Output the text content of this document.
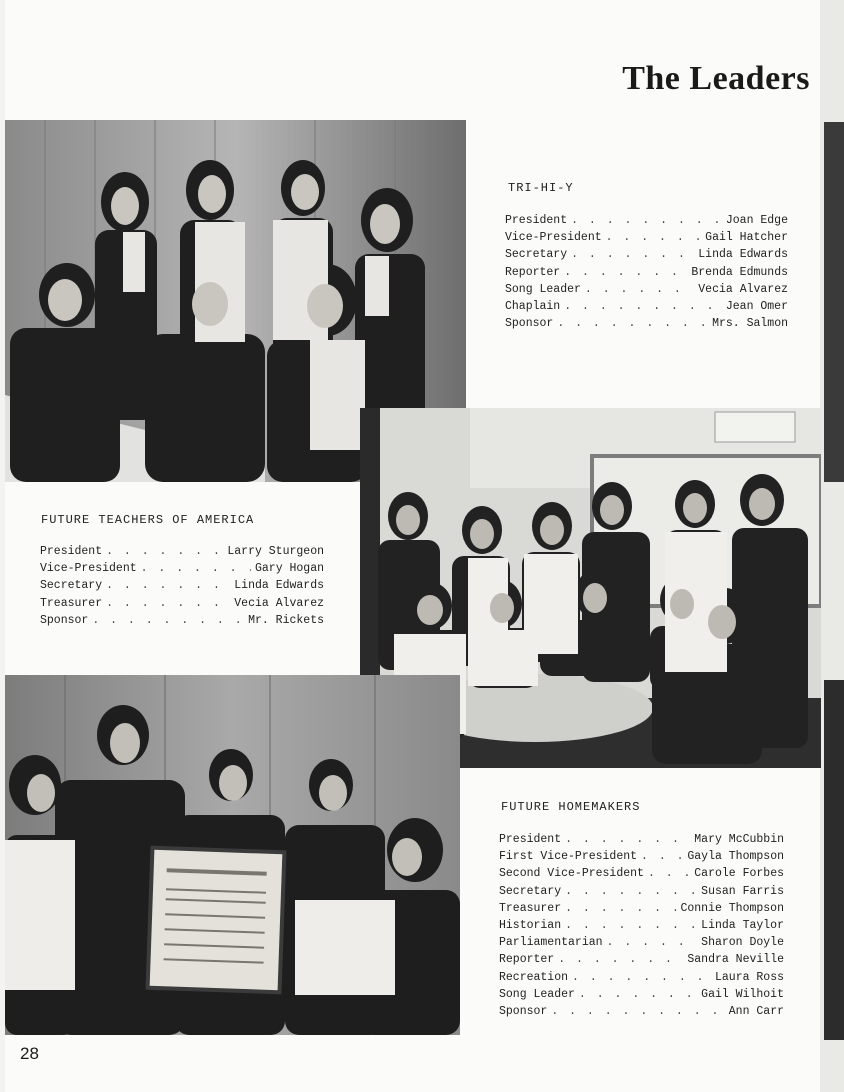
The Leaders
TRI-HI-Y
President . . .	Joan Edge
Vice-President . . .	Gail Hatcher
Secretary . . .	Linda Edwards
Reporter . . .	Brenda Edmunds
Song Leader . . .	Vecia Alvarez
Chaplain . . .	Jean Omer
Sponsor . . .	Mrs. Salmon
FUTURE TEACHERS OF AMERICA
President . . .	Larry Sturgeon
Vice-President . . .	Gary Hogan
Secretary . . .	Linda Edwards
Treasurer . . .	Vecia Alvarez
Sponsor . . .	Mr. Rickets
FUTURE HOMEMAKERS
President . . .	Mary McCubbin
First Vice-President . . .	Gayla Thompson
Second Vice-President . . .	Carole Forbes
Secretary . . .	Susan Farris
Treasurer . . .	Connie Thompson
Historian . . .	Linda Taylor
Parliamentarian . . .	Sharon Doyle
Reporter . . .	Sandra Neville
Recreation . . .	Laura Ross
Song Leader . . .	Gail Wilhoit
Sponsor . . .	Ann Carr
28
